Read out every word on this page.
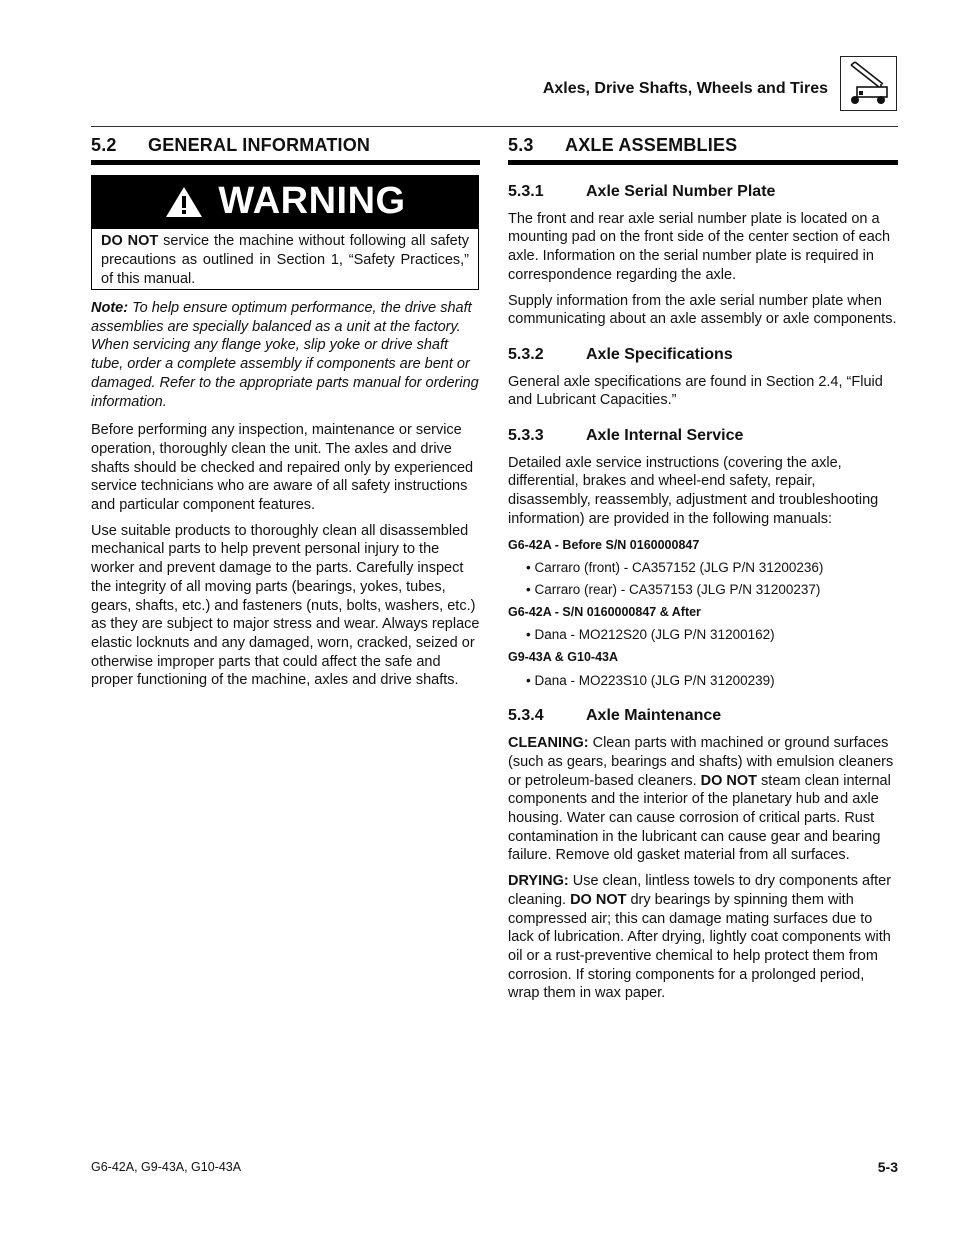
Axles, Drive Shafts, Wheels and Tires
5.2 GENERAL INFORMATION
WARNING
DO NOT service the machine without following all safety precautions as outlined in Section 1, “Safety Practices,” of this manual.

Note: To help ensure optimum performance, the drive shaft assemblies are specially balanced as a unit at the factory. When servicing any flange yoke, slip yoke or drive shaft tube, order a complete assembly if components are bent or damaged. Refer to the appropriate parts manual for ordering information.

Before performing any inspection, maintenance or service operation, thoroughly clean the unit. The axles and drive shafts should be checked and repaired only by experienced service technicians who are aware of all safety instructions and particular component features.

Use suitable products to thoroughly clean all disassembled mechanical parts to help prevent personal injury to the worker and prevent damage to the parts. Carefully inspect the integrity of all moving parts (bearings, yokes, tubes, gears, shafts, etc.) and fasteners (nuts, bolts, washers, etc.) as they are subject to major stress and wear. Always replace elastic locknuts and any damaged, worn, cracked, seized or otherwise improper parts that could affect the safe and proper functioning of the machine, axles and drive shafts.

5.3 AXLE ASSEMBLIES

5.3.1	Axle Serial Number Plate

The front and rear axle serial number plate is located on a mounting pad on the front side of the center section of each axle. Information on the serial number plate is required in correspondence regarding the axle.

Supply information from the axle serial number plate when communicating about an axle assembly or axle components.

5.3.2	Axle Specifications

General axle specifications are found in Section 2.4, “Fluid and Lubricant Capacities.”

5.3.3	Axle Internal Service

Detailed axle service instructions (covering the axle, differential, brakes and wheel-end safety, repair, disassembly, reassembly, adjustment and troubleshooting information) are provided in the following manuals:

G6-42A - Before S/N 0160000847

• Carraro (front) - CA357152 (JLG P/N 31200236)

• Carraro (rear) - CA357153 (JLG P/N 31200237)

G6-42A - S/N 0160000847 & After

• Dana - MO212S20 (JLG P/N 31200162)

G9-43A & G10-43A

• Dana - MO223S10 (JLG P/N 31200239)

5.3.4	Axle Maintenance

CLEANING: Clean parts with machined or ground surfaces (such as gears, bearings and shafts) with emulsion cleaners or petroleum-based cleaners. DO NOT steam clean internal components and the interior of the planetary hub and axle housing. Water can cause corrosion of critical parts. Rust contamination in the lubricant can cause gear and bearing failure. Remove old gasket material from all surfaces.

DRYING: Use clean, lintless towels to dry components after cleaning. DO NOT dry bearings by spinning them with compressed air; this can damage mating surfaces due to lack of lubrication. After drying, lightly coat components with oil or a rust-preventive chemical to help protect them from corrosion. If storing components for a prolonged period, wrap them in wax paper.

G6-42A, G9-43A, G10-43A	5-3
